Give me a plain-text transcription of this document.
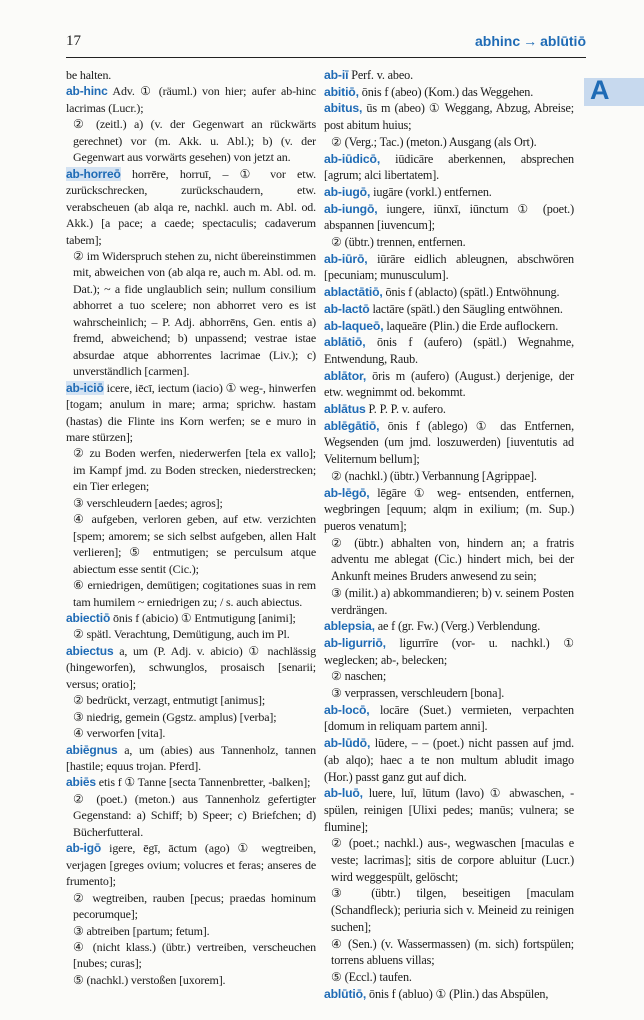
17	abhinc → ablūtiō
A

be halten.

ab-hinc Adv. ① (räuml.) von hier; aufer ab-hinc lacrimas (Lucr.);

② (zeitl.) a) (v. der Gegenwart an rückwärts gerechnet) vor (m. Akk. u. Abl.); b) (v. der Gegenwart aus vorwärts gesehen) von jetzt an.

ab-horreō horrēre, horruī, – ① vor etw. zurückschrecken, zurückschaudern, etw. verabscheuen (ab alqa re, nachkl. auch m. Abl. od. Akk.) [a pace; a caede; spectaculis; cadaverum tabem];

② im Widerspruch stehen zu, nicht übereinstimmen mit, abweichen von (ab alqa re, auch m. Abl. od. m. Dat.); ~ a fide unglaublich sein; nullum consilium abhorret a tuo scelere; non abhorret vero es ist wahrscheinlich; – P. Adj. abhorrēns, Gen. entis a) fremd, abweichend; b) unpassend; vestrae istae absurdae atque abhorrentes lacrimae (Liv.); c) unverständlich [carmen].

ab-iciō icere, iēcī, iectum (iacio) ① weg-, hinwerfen [togam; anulum in mare; arma; sprichw. hastam (hastas) die Flinte ins Korn werfen; se e muro in mare stürzen];

② zu Boden werfen, niederwerfen [tela ex vallo]; im Kampf jmd. zu Boden strecken, niederstrecken; ein Tier erlegen;

③ verschleudern [aedes; agros];

④ aufgeben, verloren geben, auf etw. verzichten [spem; amorem; se sich selbst aufgeben, allen Halt verlieren]; ⑤ entmutigen; se perculsum atque abiectum esse sentit (Cic.);

⑥ erniedrigen, demütigen; cogitationes suas in rem tam humilem ~ erniedrigen zu; / s. auch abiectus.

abiectiō ōnis f (abicio) ① Entmutigung [animi];

② spätl. Verachtung, Demütigung, auch im Pl.

abiectus a, um (P. Adj. v. abicio) ① nachlässig (hingeworfen), schwunglos, prosaisch [senarii; versus; oratio];

② bedrückt, verzagt, entmutigt [animus];

③ niedrig, gemein (Ggstz. amplus) [verba];

④ verworfen [vita].

abiēgnus a, um (abies) aus Tannenholz, tannen [hastile; equus trojan. Pferd].

abiēs etis f ① Tanne [secta Tannenbretter, -balken];

② (poet.) (meton.) aus Tannenholz gefertigter Gegenstand: a) Schiff; b) Speer; c) Briefchen; d) Bücherfutteral.

ab-igō igere, ēgī, āctum (ago) ① wegtreiben, verjagen [greges ovium; volucres et feras; anseres de frumento];

② wegtreiben, rauben [pecus; praedas hominum pecorumque];

③ abtreiben [partum; fetum].

④ (nicht klass.) (übtr.) vertreiben, verscheuchen [nubes; curas];

⑤ (nachkl.) verstoßen [uxorem].

ab-iī Perf. v. abeo.

abitiō, ōnis f (abeo) (Kom.) das Weggehen.

abitus, ūs m (abeo) ① Weggang, Abzug, Abreise; post abitum huius;

② (Verg.; Tac.) (meton.) Ausgang (als Ort).

ab-iūdicō, iūdicāre aberkennen, absprechen [agrum; alci libertatem].

ab-iugō, iugāre (vorkl.) entfernen.

ab-iungō, iungere, iūnxī, iūnctum ① (poet.) abspannen [iuvencum];

② (übtr.) trennen, entfernen.

ab-iūrō, iūrāre eidlich ableugnen, abschwören [pecuniam; munusculum].

ablactātiō, ōnis f (ablacto) (spätl.) Entwöhnung.

ab-lactō lactāre (spätl.) den Säugling entwöhnen.

ab-laqueō, laqueāre (Plin.) die Erde auflockern.

ablātiō, ōnis f (aufero) (spätl.) Wegnahme, Entwendung, Raub.

ablātor, ōris m (aufero) (August.) derjenige, der etw. wegnimmt od. bekommt.

ablātus P. P. P. v. aufero.

ablēgātiō, ōnis f (ablego) ① das Entfernen, Wegsenden (um jmd. loszuwerden) [iuventutis ad Veliternum bellum];

② (nachkl.) (übtr.) Verbannung [Agrippae].

ab-lēgō, lēgāre ① weg- entsenden, entfernen, wegbringen [equum; alqm in exilium; (m. Sup.) pueros venatum];

② (übtr.) abhalten von, hindern an; a fratris adventu me ablegat (Cic.) hindert mich, bei der Ankunft meines Bruders anwesend zu sein;

③ (milit.) a) abkommandieren; b) v. seinem Posten verdrängen.

ablepsia, ae f (gr. Fw.) (Verg.) Verblendung.

ab-ligurriō, ligurrīre (vor- u. nachkl.) ① weglecken; ab-, belecken;

② naschen;

③ verprassen, verschleudern [bona].

ab-locō, locāre (Suet.) vermieten, verpachten [domum in reliquam partem anni].

ab-lūdō, lūdere, – – (poet.) nicht passen auf jmd. (ab alqo); haec a te non multum abludit imago (Hor.) passt ganz gut auf dich.

ab-luō, luere, luī, lūtum (lavo) ① abwaschen, -spülen, reinigen [Ulixi pedes; manūs; vulnera; se flumine];

② (poet.; nachkl.) aus-, wegwaschen [maculas e veste; lacrimas]; sitis de corpore abluitur (Lucr.) wird weggespült, gelöscht;

③ (übtr.) tilgen, beseitigen [maculam (Schandfleck); periuria sich v. Meineid zu reinigen suchen];

④ (Sen.) (v. Wassermassen) (m. sich) fortspülen; torrens abluens villas;

⑤ (Eccl.) taufen.

ablūtiō, ōnis f (abluo) ① (Plin.) das Abspülen,
